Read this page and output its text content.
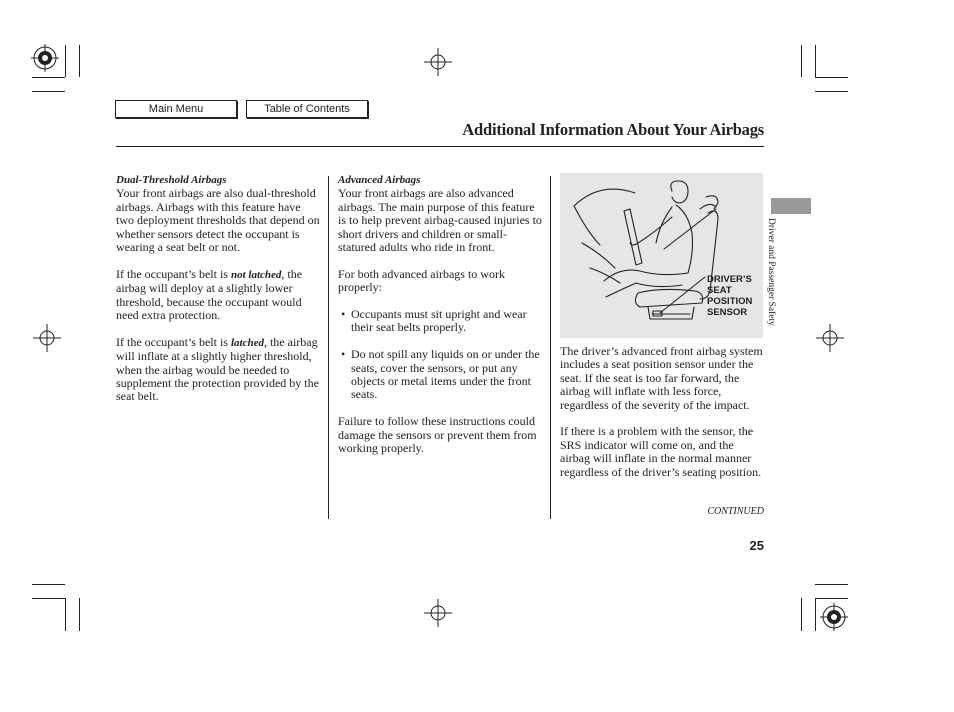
Main Menu	Table of Contents
Additional Information About Your Airbags
Dual-Threshold Airbags

Your front airbags are also dual-threshold airbags. Airbags with this feature have two deployment thresholds that depend on whether sensors detect the occupant is wearing a seat belt or not.

If the occupant’s belt is not latched, the airbag will deploy at a slightly lower threshold, because the occupant would need extra protection.

If the occupant’s belt is latched, the airbag will inflate at a slightly higher threshold, when the airbag would be needed to supplement the protection provided by the seat belt.

Advanced Airbags

Your front airbags are also advanced airbags. The main purpose of this feature is to help prevent airbag-caused injuries to short drivers and children or small-statured adults who ride in front.

For both advanced airbags to work properly:

• Occupants must sit upright and wear their seat belts properly.
• Do not spill any liquids on or under the seats, cover the sensors, or put any objects or metal items under the front seats.

Failure to follow these instructions could damage the sensors or prevent them from working properly.

DRIVER’S
SEAT
POSITION
SENSOR

The driver’s advanced front airbag system includes a seat position sensor under the seat. If the seat is too far forward, the airbag will inflate with less force, regardless of the severity of the impact.

If there is a problem with the sensor, the SRS indicator will come on, and the airbag will inflate in the normal manner regardless of the driver’s seating position.

CONTINUED
Driver and Passenger Safety
25
